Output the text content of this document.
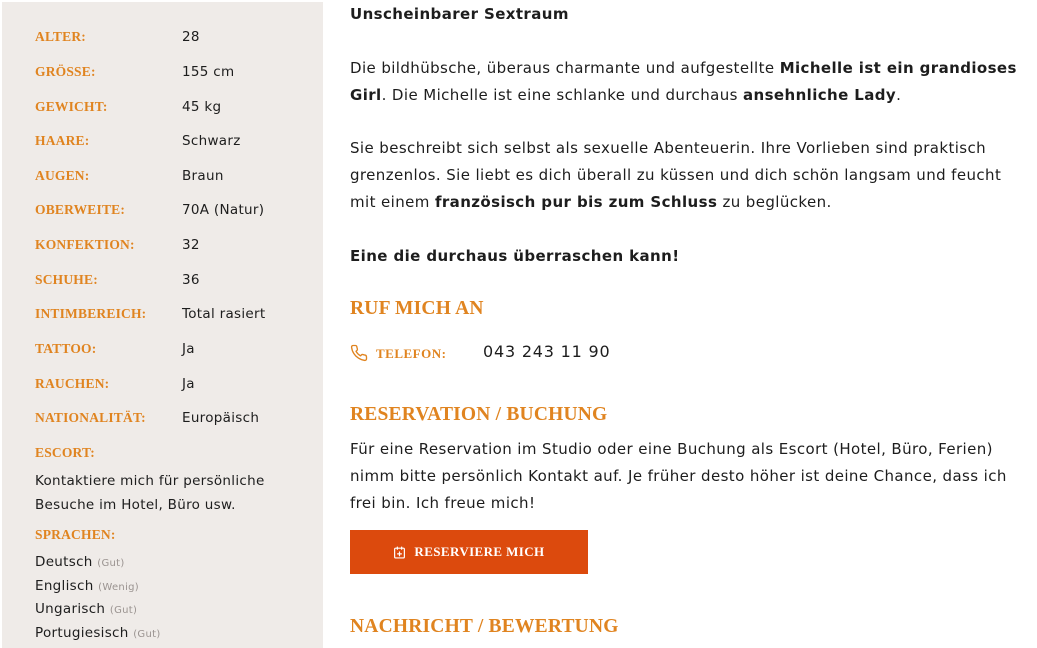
ALTER:	28
GRÖSSE:	155 cm
GEWICHT:	45 kg
HAARE:	Schwarz
AUGEN:	Braun
OBERWEITE:	70A (Natur)
KONFEKTION:	32
SCHUHE:	36
INTIMBEREICH:	Total rasiert
TATTOO:	Ja
RAUCHEN:	Ja
NATIONALITÄT:	Europäisch
ESCORT:

Kontaktiere mich für persönliche Besuche im Hotel, Büro usw.

SPRACHEN:
Deutsch (Gut)
Englisch (Wenig)
Ungarisch (Gut)
Portugiesisch (Gut)

Unscheinbarer Sextraum

Die bildhübsche, überaus charmante und aufgestellte Michelle ist ein grandioses Girl. Die Michelle ist eine schlanke und durchaus ansehnliche Lady.

Sie beschreibt sich selbst als sexuelle Abenteuerin. Ihre Vorlieben sind praktisch grenzenlos. Sie liebt es dich überall zu küssen und dich schön langsam und feucht mit einem französisch pur bis zum Schluss zu beglücken.

Eine die durchaus überraschen kann!

RUF MICH AN
TELEFON: 043 243 11 90
RESERVATION / BUCHUNG

Für eine Reservation im Studio oder eine Buchung als Escort (Hotel, Büro, Ferien) nimm bitte persönlich Kontakt auf. Je früher desto höher ist deine Chance, dass ich frei bin. Ich freue mich!

RESERVIERE MICH
NACHRICHT / BEWERTUNG
